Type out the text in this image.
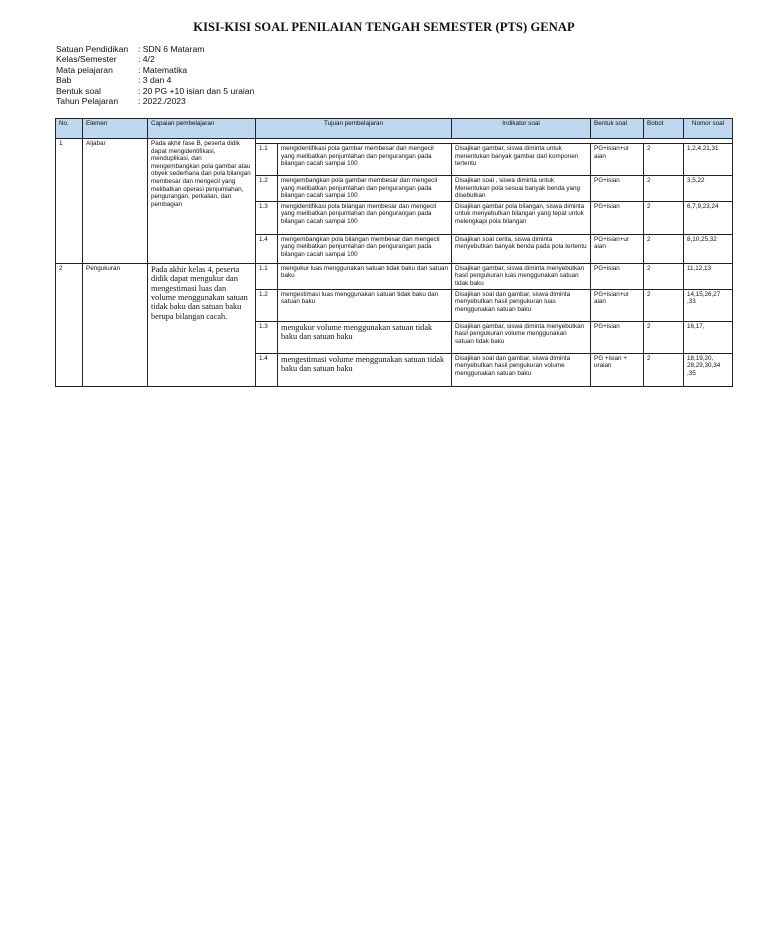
KISI-KISI SOAL PENILAIAN TENGAH SEMESTER (PTS) GENAP
Satuan Pendidikan	: SDN 6 Mataram
Kelas/Semester	: 4/2
Mata pelajaran	: Matematika
Bab	: 3 dan 4
Bentuk soal	: 20 PG +10 isian dan 5 uraian
Tahun Pelajaran	: 2022./2023
No.	Elemen	Capaian pembelajaran	Tujuan pembelajaran		Indikator soal	Bentuk soal	Bobot	Nomor soal
1	Aljabar	Pada akhir fase B, peserta didik dapat mengidentifikasi, menduplikasi, dan mengembangkan pola gambar atau obyek sederhana dan pola bilangan membesar dan mengecil yang melibatkan operasi penjumlahan, pengurangan, perkalian, dan pembagian						
			1.1	mengidentifikasi pola gambar membesar dan mengecil yang melibatkan penjumlahan dan pengurangan pada bilangan cacah sampai 100	Disajikan gambar, siswa diminta untuk menentukan banyak gambar dari komponen tertentu	PG+isian+ur aian	2	1,2,4,21,31
			1.2	mengembangkan pola gambar membesar dan mengecil yang melibatkan penjumlahan dan pengurangan pada bilangan cacah sampai 100	Disajikan soal , siswa diminta untuk Menentukan pola sesuai banyak benda yang disebutkan	PG+isian	2	3,5,22
			1.3	mengidentifikasi pola bilangan membesar dan mengecil yang melibatkan penjumlahan dan pengurangan pada bilangan cacah sampai 100	Disajikan gambar pola bilangan, siswa diminta untuk menyebutkan bilangan yang tepat untuk melengkapi pola bilangan	PG+isian	2	6,7,9,23,24
			1.4	mengembangkan pola bilangan membesar dan mengecil yang melibatkan penjumlahan dan pengurangan pada bilangan cacah sampai 100	Disajikan soal cerita, siswa diminta menyebutkan banyak benda pada pola tertentu	PG+isian+ur aian	2	8,10,25,32
2	Pengukuran	Pada akhir kelas 4, peserta didik dapat mengukur dan mengestimasi luas dan volume menggunakan satuan tidak baku dan satuan baku berupa bilangan cacah.	1.1	mengukur luas menggunakan satuan tidak baku dan satuan baku	Disajikan gambar, siswa diminta menyebutkan hasil pengukuran luas menggunakan satuan tidak baku	PG+isian	2	11,12,13
			1.2	mengestimasi luas menggunakan satuan tidak baku dan satuan baku	Disajikan soal dan gambar, siswa diminta menyebutkan hasil pengukuran luas menggunakan satuan baku	PG+isian+ur aian	2	14,15,26,27 ,33
			1.3	mengukur volume menggunakan satuan tidak baku dan satuan baku	Disajikan gambar, siswa diminta menyebutkan hasil pengukuran volume menggunakan satuan tidak baku	PG+isian	2	16,17,
			1.4	mengestimasi volume menggunakan satuan tidak baku dan satuan baku	Disajikan soal dan gambar, siswa diminta menyebutkan hasil pengukuran volume menggunakan satuan baku	PG +isian + uraian	2	18,19,20, 28,29,30,34 ,35
